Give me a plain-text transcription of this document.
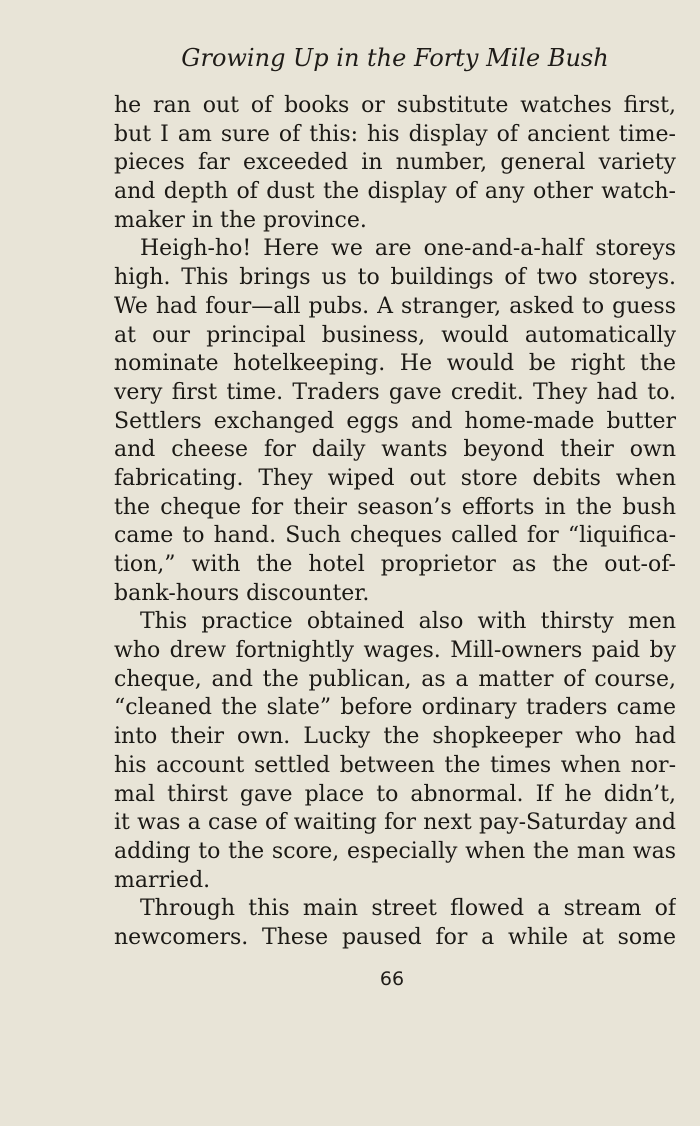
Growing Up in the Forty Mile Bush
he ran out of books or substitute watches first,
but I am sure of this: his display of ancient time-
pieces far exceeded in number, general variety
and depth of dust the display of any other watch-
maker in the province.
Heigh-ho! Here we are one-and-a-half storeys
high. This brings us to buildings of two storeys.
We had four—all pubs. A stranger, asked to guess
at our principal business, would automatically
nominate hotelkeeping. He would be right the
very first time. Traders gave credit. They had to.
Settlers exchanged eggs and home-made butter
and cheese for daily wants beyond their own
fabricating. They wiped out store debits when
the cheque for their season’s efforts in the bush
came to hand. Such cheques called for “liquifica-
tion,” with the hotel proprietor as the out-of-
bank-hours discounter.
This practice obtained also with thirsty men
who drew fortnightly wages. Mill-owners paid by
cheque, and the publican, as a matter of course,
“cleaned the slate” before ordinary traders came
into their own. Lucky the shopkeeper who had
his account settled between the times when nor-
mal thirst gave place to abnormal. If he didn’t,
it was a case of waiting for next pay-Saturday and
adding to the score, especially when the man was
married.
Through this main street flowed a stream of
newcomers. These paused for a while at some
66
